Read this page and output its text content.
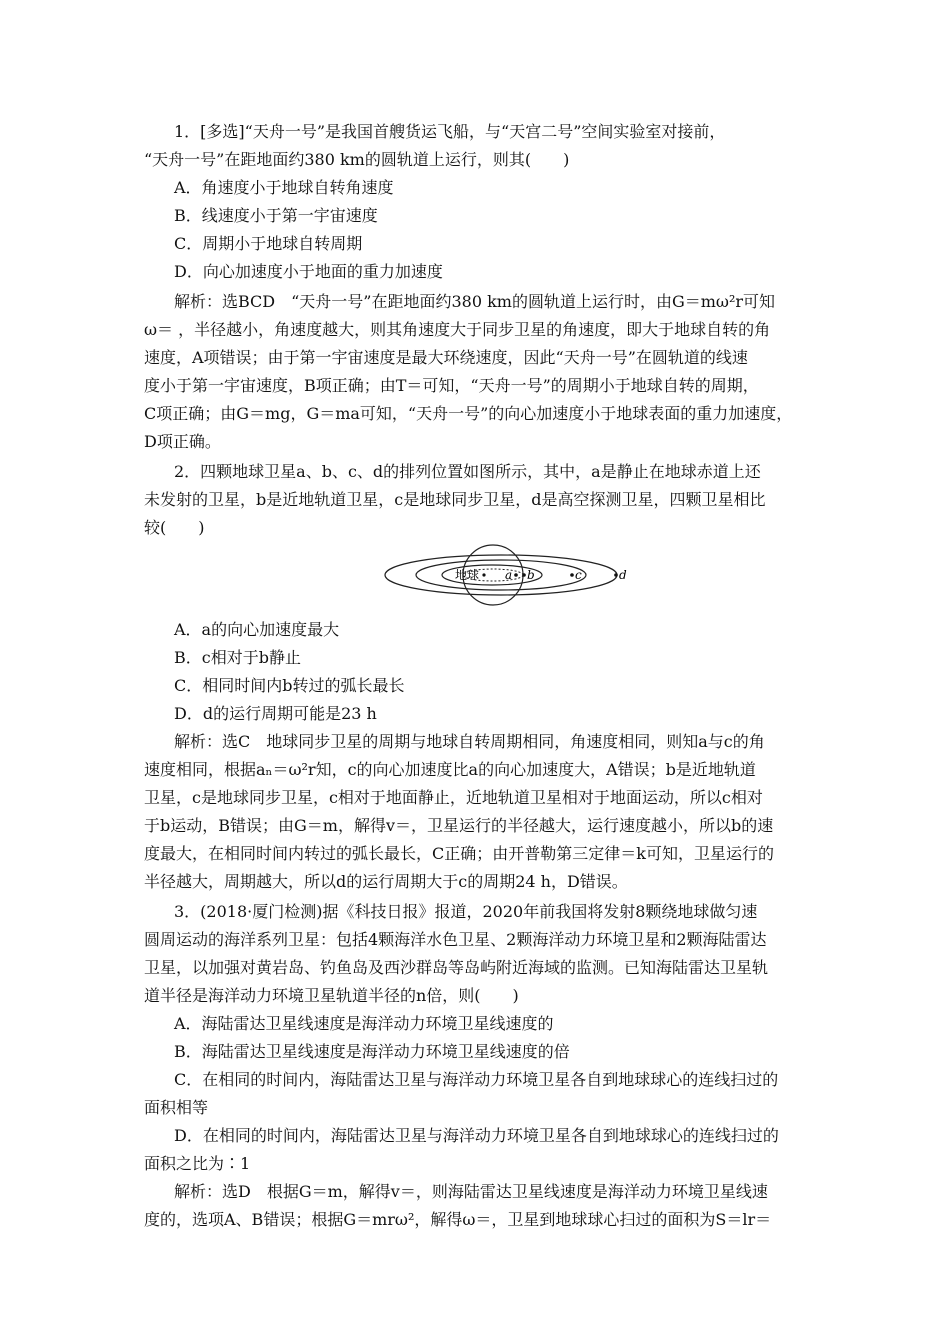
1．[多选]“天舟一号”是我国首艘货运飞船，与“天宫二号”空间实验室对接前，
“天舟一号”在距地面约380 km的圆轨道上运行，则其(　　)
A．角速度小于地球自转角速度
B．线速度小于第一宇宙速度
C．周期小于地球自转周期
D．向心加速度小于地面的重力加速度
解析：选BCD　“天舟一号”在距地面约380 km的圆轨道上运行时，由G＝mω²r可知
ω＝ ，半径越小，角速度越大，则其角速度大于同步卫星的角速度，即大于地球自转的角
速度，A项错误；由于第一宇宙速度是最大环绕速度，因此“天舟一号”在圆轨道的线速
度小于第一宇宙速度，B项正确；由T＝可知，“天舟一号”的周期小于地球自转的周期，
C项正确；由G＝mg，G＝ma可知，“天舟一号”的向心加速度小于地球表面的重力加速度，
D项正确。
2．四颗地球卫星a、b、c、d的排列位置如图所示，其中，a是静止在地球赤道上还
未发射的卫星，b是近地轨道卫星，c是地球同步卫星，d是高空探测卫星，四颗卫星相比
较(　　)
地球 a b	c	d
A．a的向心加速度最大
B．c相对于b静止
C．相同时间内b转过的弧长最长
D．d的运行周期可能是23 h
解析：选C　地球同步卫星的周期与地球自转周期相同，角速度相同，则知a与c的角
速度相同，根据aₙ＝ω²r知，c的向心加速度比a的向心加速度大，A错误；b是近地轨道
卫星，c是地球同步卫星，c相对于地面静止，近地轨道卫星相对于地面运动，所以c相对
于b运动，B错误；由G＝m，解得v＝，卫星运行的半径越大，运行速度越小，所以b的速
度最大，在相同时间内转过的弧长最长，C正确；由开普勒第三定律＝k可知，卫星运行的
半径越大，周期越大，所以d的运行周期大于c的周期24 h，D错误。
3．(2018·厦门检测)据《科技日报》报道，2020年前我国将发射8颗绕地球做匀速
圆周运动的海洋系列卫星：包括4颗海洋水色卫星、2颗海洋动力环境卫星和2颗海陆雷达
卫星，以加强对黄岩岛、钓鱼岛及西沙群岛等岛屿附近海域的监测。已知海陆雷达卫星轨
道半径是海洋动力环境卫星轨道半径的n倍，则(　　)
A．海陆雷达卫星线速度是海洋动力环境卫星线速度的
B．海陆雷达卫星线速度是海洋动力环境卫星线速度的倍
C．在相同的时间内，海陆雷达卫星与海洋动力环境卫星各自到地球球心的连线扫过的
面积相等
D．在相同的时间内，海陆雷达卫星与海洋动力环境卫星各自到地球球心的连线扫过的
面积之比为∶1
解析：选D　根据G＝m，解得v＝，则海陆雷达卫星线速度是海洋动力环境卫星线速
度的，选项A、B错误；根据G＝mrω²，解得ω＝，卫星到地球球心扫过的面积为S＝lr＝
